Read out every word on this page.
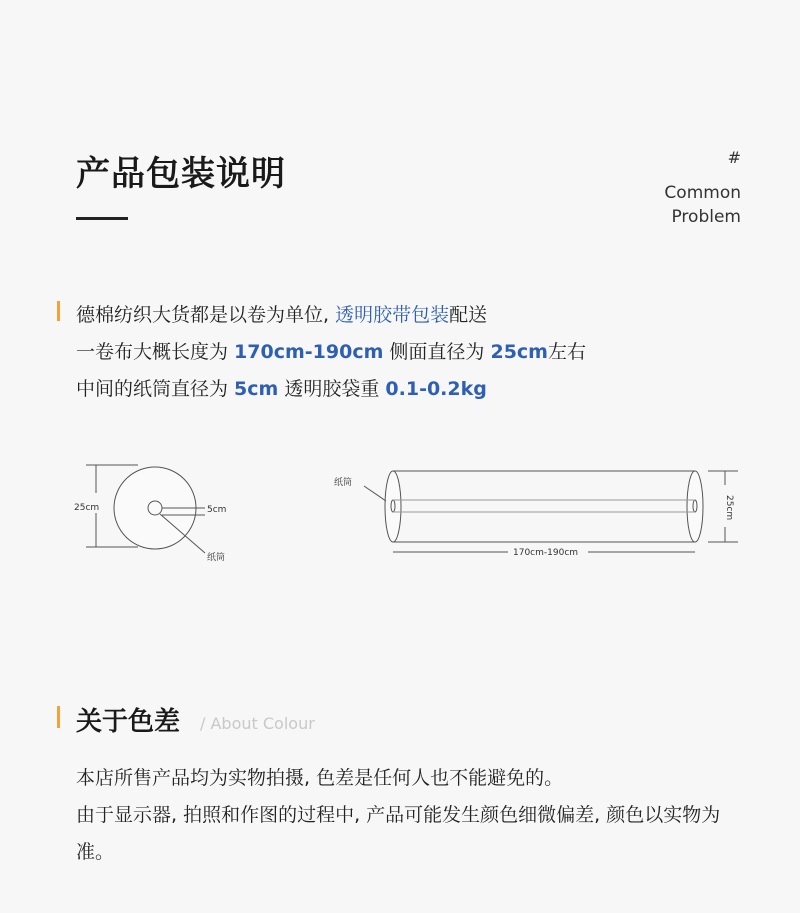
产品包装说明	#
Common
Problem
德棉纺织大货都是以卷为单位, 透明胶带包装配送
一卷布大概长度为 170cm-190cm 侧面直径为 25cm左右
中间的纸筒直径为 5cm 透明胶袋重 0.1-0.2kg
25cm	5cm
纸筒
纸筒
170cm-190cm
25cm
关于色差 / About Colour
本店所售产品均为实物拍摄, 色差是任何人也不能避免的。
由于显示器, 拍照和作图的过程中, 产品可能发生颜色细微偏差, 颜色以实物为准。
